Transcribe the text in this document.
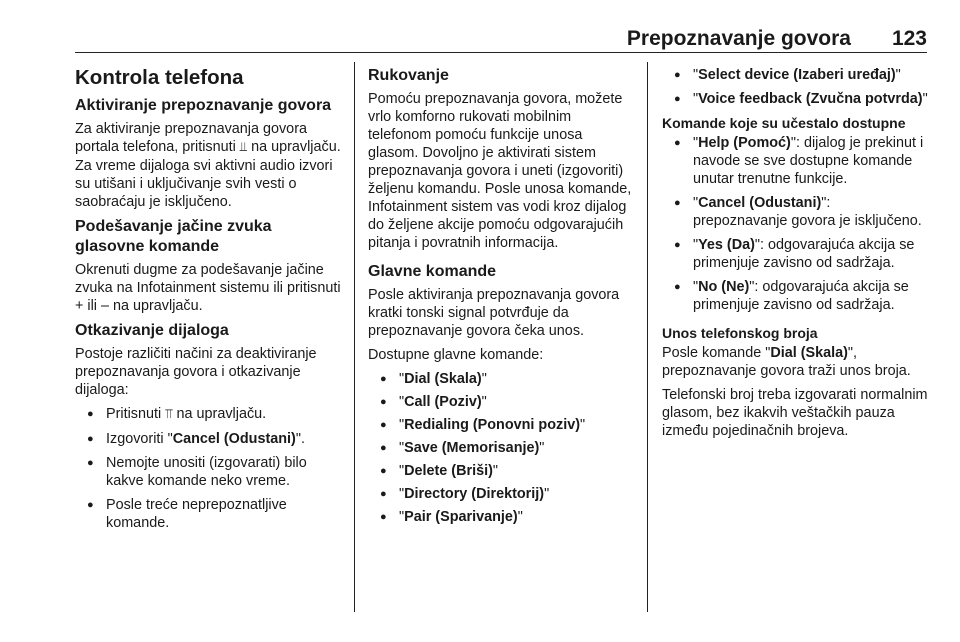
Prepoznavanje govora 123
Kontrola telefona
Aktiviranje prepoznavanje govora
Za aktiviranje prepoznavanja govora portala telefona, pritisnuti ⫫ na upravljaču. Za vreme dijaloga svi aktivni audio izvori su utišani i uključivanje svih vesti o saobraćaju je isključeno.
Podešavanje jačine zvuka glasovne komande
Okrenuti dugme za podešavanje jačine zvuka na Infotainment sistemu ili pritisnuti + ili – na upravljaču.
Otkazivanje dijaloga
Postoje različiti načini za deaktiviranje prepoznavanja govora i otkazivanje dijaloga:
● Pritisnuti ⫪ na upravljaču.
● Izgovoriti "Cancel (Odustani)".
● Nemojte unositi (izgovarati) bilo kakve komande neko vreme.
● Posle treće neprepoznatljive komande.
Rukovanje
Pomoću prepoznavanja govora, možete vrlo komforno rukovati mobilnim telefonom pomoću funkcije unosa glasom. Dovoljno je aktivirati sistem prepoznavanja govora i uneti (izgovoriti) željenu komandu. Posle unosa komande, Infotainment sistem vas vodi kroz dijalog do željene akcije pomoću odgovarajućih pitanja i povratnih informacija.
Glavne komande
Posle aktiviranja prepoznavanja govora kratki tonski signal potvrđuje da prepoznavanje govora čeka unos.
Dostupne glavne komande:
● "Dial (Skala)"
● "Call (Poziv)"
● "Redialing (Ponovni poziv)"
● "Save (Memorisanje)"
● "Delete (Briši)"
● "Directory (Direktorij)"
● "Pair (Sparivanje)"
● "Select device (Izaberi uređaj)"
● "Voice feedback (Zvučna potvrda)"
Komande koje su učestalo dostupne
● "Help (Pomoć)": dijalog je prekinut i navode se sve dostupne komande unutar trenutne funkcije.
● "Cancel (Odustani)": prepoznavanje govora je isključeno.
● "Yes (Da)": odgovarajuća akcija se primenjuje zavisno od sadržaja.
● "No (Ne)": odgovarajuća akcija se primenjuje zavisno od sadržaja.
Unos telefonskog broja
Posle komande "Dial (Skala)", prepoznavanje govora traži unos broja.
Telefonski broj treba izgovarati normalnim glasom, bez ikakvih veštačkih pauza između pojedinačnih brojeva.
